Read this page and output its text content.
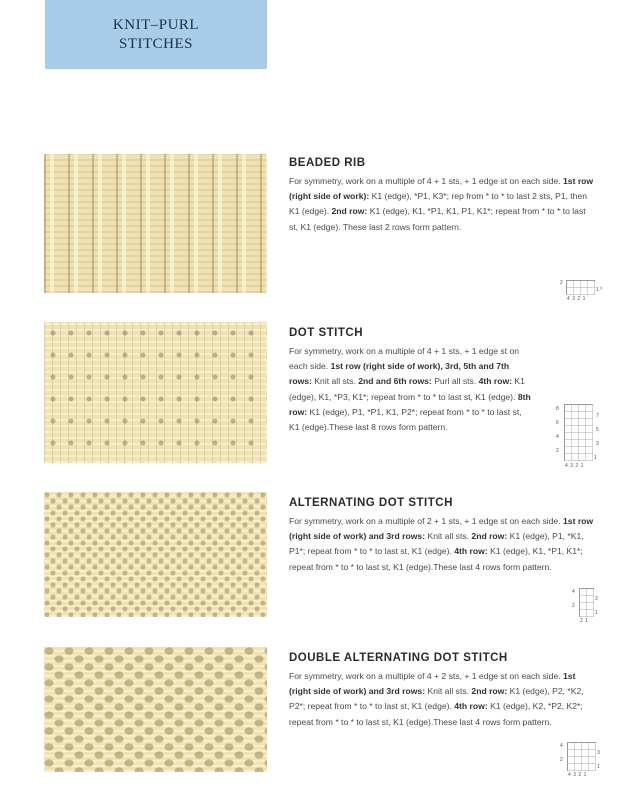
KNIT–PURL
STITCHES
BEADED RIB
For symmetry, work on a multiple of 4 + 1 sts, + 1 edge st on each side. 1st row (right side of work): K1 (edge), *P1, K3*; rep from * to * to last 2 sts, P1, then K1 (edge). 2nd row: K1 (edge), K1, *P1, K1, P1, K1*; repeat from * to * to last st, K1 (edge). These last 2 rows form pattern.
2
1 ‹
4321
DOT STITCH
For symmetry, work on a multiple of 4 + 1 sts, + 1 edge st on each side. 1st row (right side of work), 3rd, 5th and 7th rows: Knit all sts. 2nd and 6th rows: Purl all sts. 4th row: K1 (edge), K1, *P3, K1*; repeat from * to * to last st, K1 (edge). 8th row: K1 (edge), P1, *P1, K1, P2*; repeat from * to * to last st, K1 (edge).These last 8 rows form pattern.
8
6
4
2
7
5
3
1
4321
ALTERNATING DOT STITCH
For symmetry, work on a multiple of 2 + 1 sts, + 1 edge st on each side. 1st row (right side of work) and 3rd rows: Knit all sts. 2nd row: K1 (edge), P1, *K1, P1*; repeat from * to * to last st, K1 (edge). 4th row: K1 (edge), K1, *P1, K1*; repeat from * to * to last st, K1 (edge).These last 4 rows form pattern.
4
2
3
1
21
DOUBLE ALTERNATING DOT STITCH
For symmetry, work on a multiple of 4 + 2 sts, + 1 edge st on each side. 1st (right side of work) and 3rd rows: Knit all sts. 2nd row: K1 (edge), P2, *K2, P2*; repeat from * to * to last st, K1 (edge). 4th row: K1 (edge), K2, *P2, K2*; repeat from * to * to last st, K1 (edge).These last 4 rows form pattern.
4
2
3
1
4321
